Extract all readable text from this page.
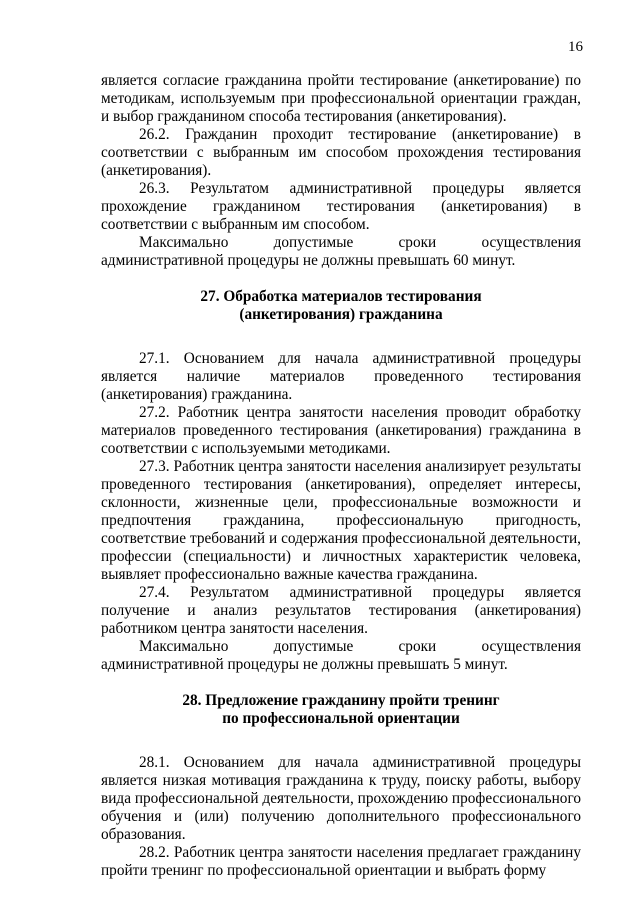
16

является согласие гражданина пройти тестирование (анкетирование) по методикам, используемым при профессиональной ориентации граждан, и выбор гражданином способа тестирования (анкетирования).

26.2. Гражданин проходит тестирование (анкетирование) в соответствии с выбранным им способом прохождения тестирования (анкетирования).

26.3. Результатом административной процедуры является прохождение гражданином тестирования (анкетирования) в соответствии с выбранным им способом.

Максимально допустимые сроки осуществления административной процедуры не должны превышать 60 минут.

27. Обработка материалов тестирования
(анкетирования) гражданина

27.1. Основанием для начала административной процедуры является наличие материалов проведенного тестирования (анкетирования) гражданина.

27.2. Работник центра занятости населения проводит обработку материалов проведенного тестирования (анкетирования) гражданина в соответствии с используемыми методиками.

27.3. Работник центра занятости населения анализирует результаты проведенного тестирования (анкетирования), определяет интересы, склонности, жизненные цели, профессиональные возможности и предпочтения гражданина, профессиональную пригодность, соответствие требований и содержания профессиональной деятельности, профессии (специальности) и личностных характеристик человека, выявляет профессионально важные качества гражданина.

27.4. Результатом административной процедуры является получение и анализ результатов тестирования (анкетирования) работником центра занятости населения.

Максимально допустимые сроки осуществления административной процедуры не должны превышать 5 минут.

28. Предложение гражданину пройти тренинг
по профессиональной ориентации

28.1. Основанием для начала административной процедуры является низкая мотивация гражданина к труду, поиску работы, выбору вида профессиональной деятельности, прохождению профессионального обучения и (или) получению дополнительного профессионального образования.

28.2. Работник центра занятости населения предлагает гражданину пройти тренинг по профессиональной ориентации и выбрать форму
